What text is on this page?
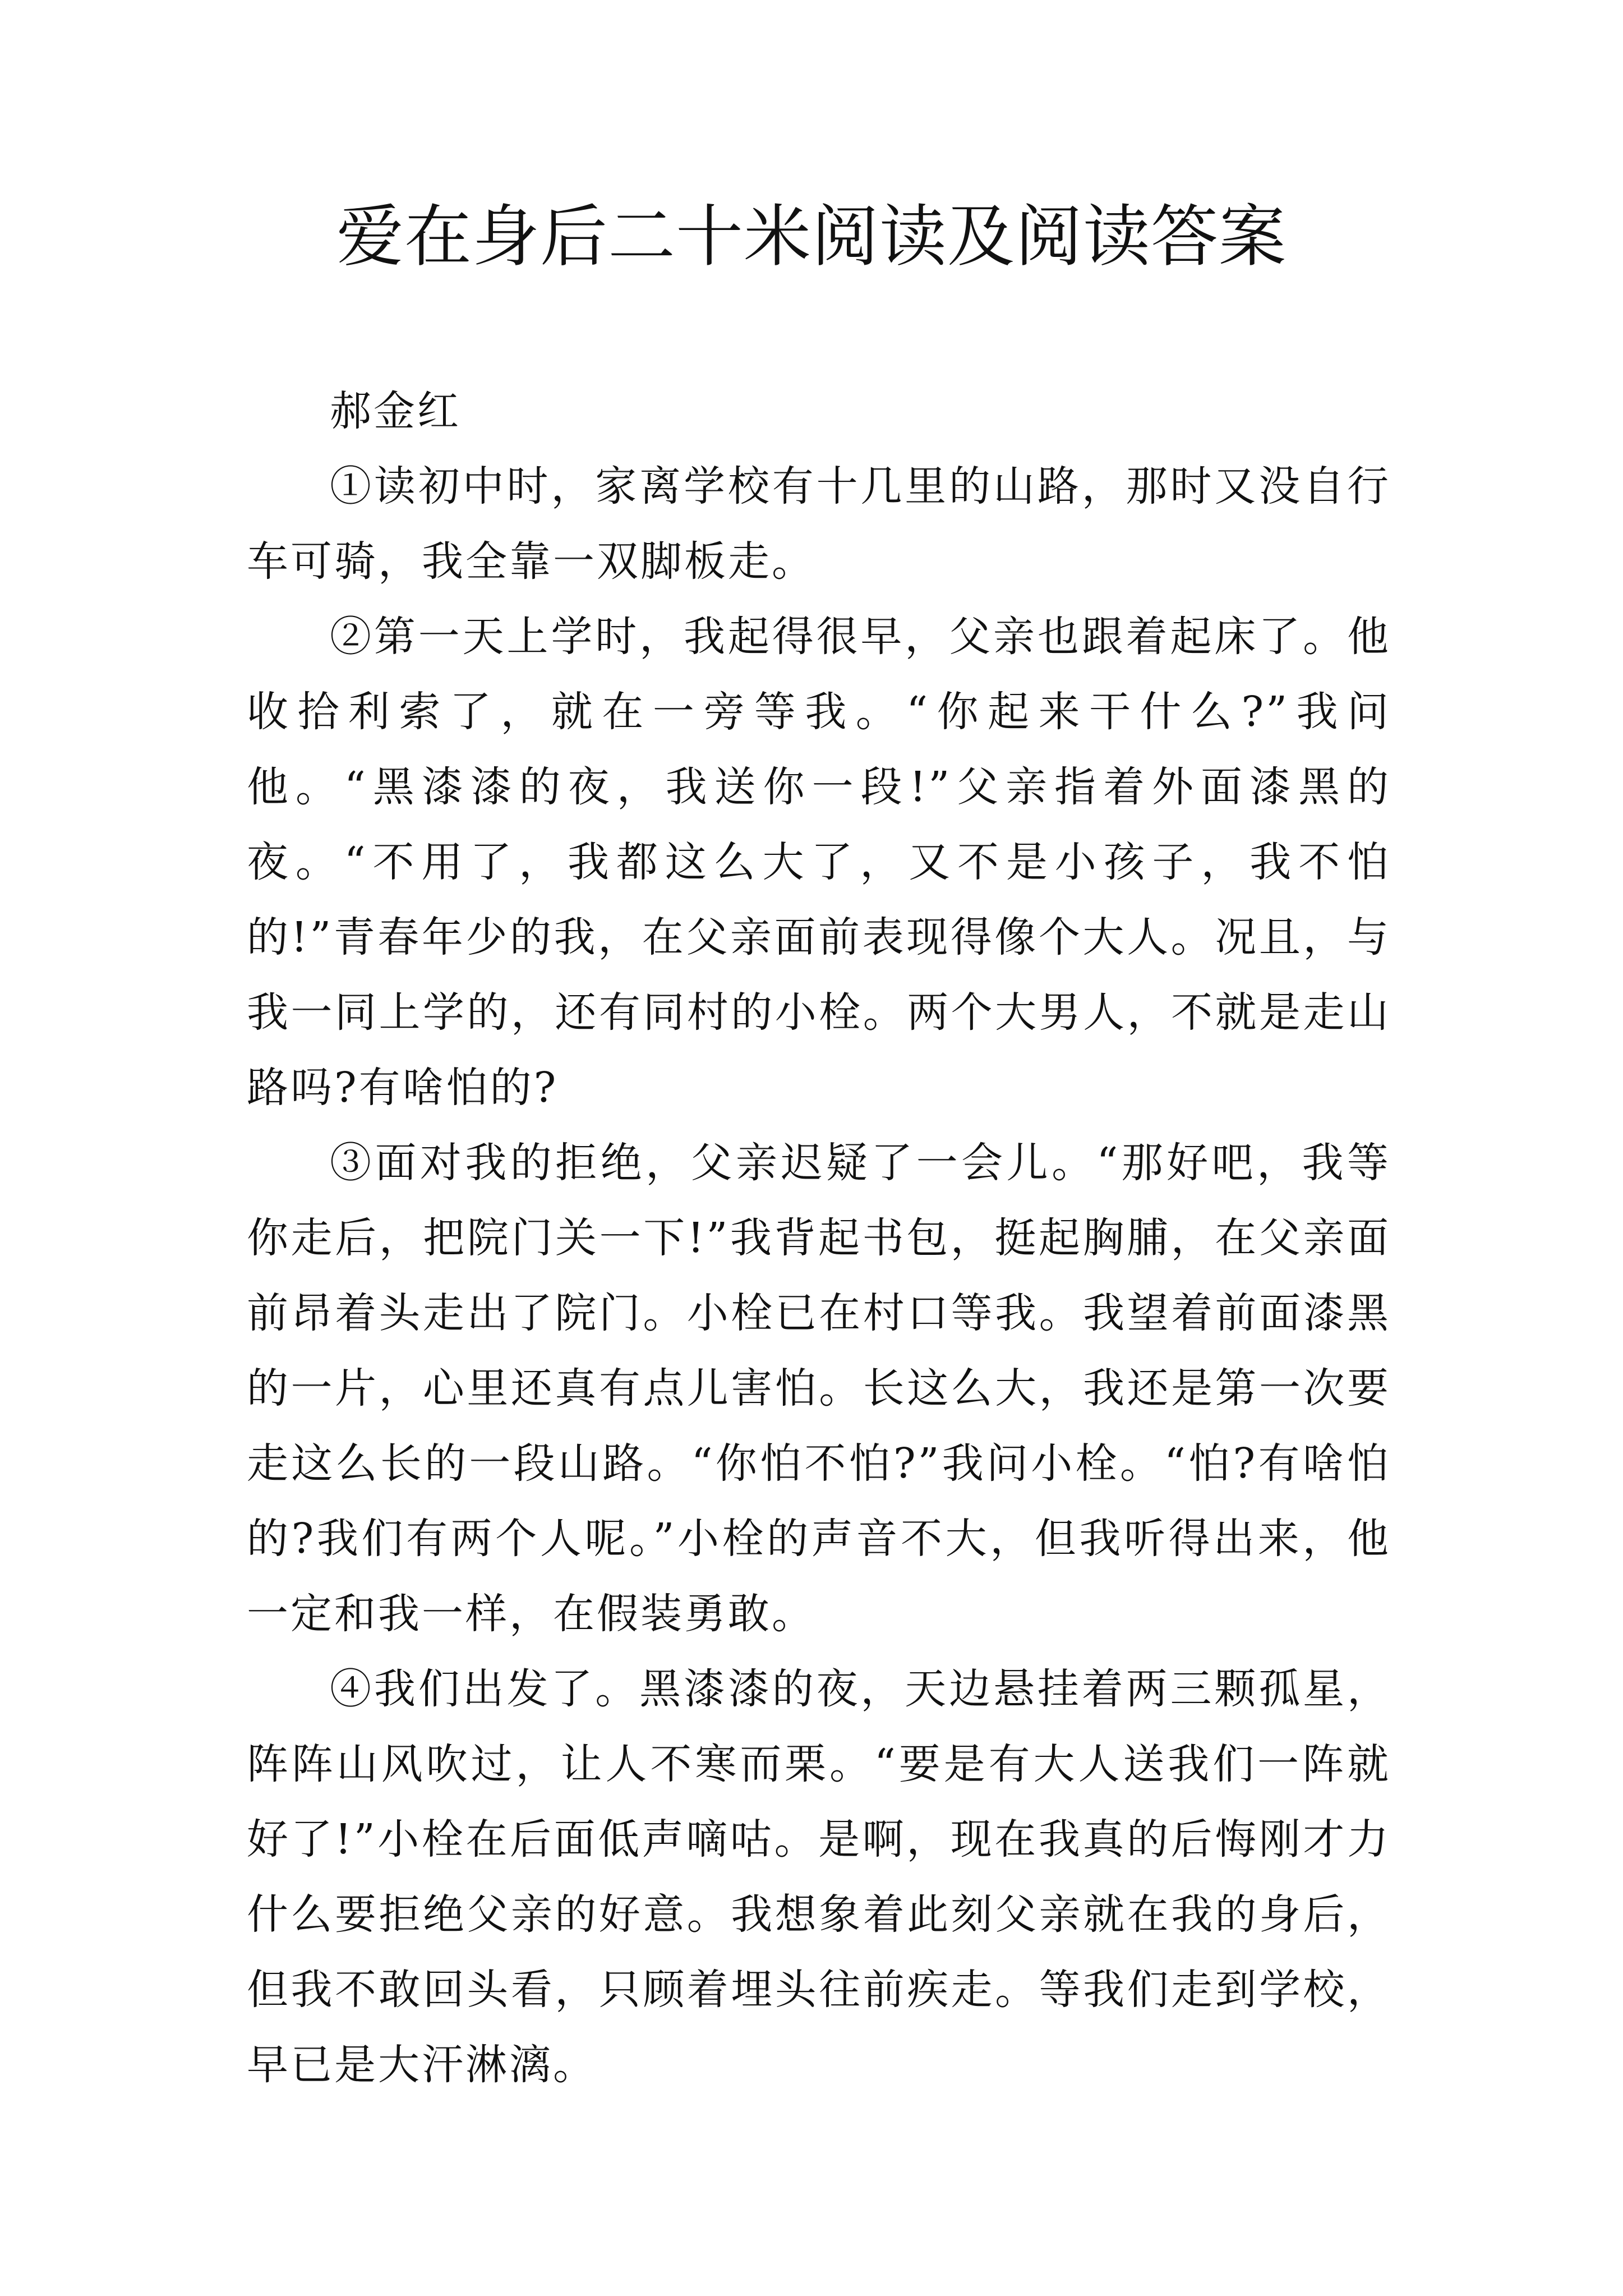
爱在身后二十米阅读及阅读答案
郝金红

①读初中时，家离学校有十几里的山路，那时又没自行车可骑，我全靠一双脚板走。

②第一天上学时，我起得很早，父亲也跟着起床了。他收拾利索了，就在一旁等我。“你起来干什么?”我问他。“黑漆漆的夜，我送你一段!”父亲指着外面漆黑的夜。“不用了，我都这么大了，又不是小孩子，我不怕的!”青春年少的我，在父亲面前表现得像个大人。况且，与我一同上学的，还有同村的小栓。两个大男人，不就是走山路吗?有啥怕的?

③面对我的拒绝，父亲迟疑了一会儿。“那好吧，我等你走后，把院门关一下!”我背起书包，挺起胸脯，在父亲面前昂着头走出了院门。小栓已在村口等我。我望着前面漆黑的一片，心里还真有点儿害怕。长这么大，我还是第一次要走这么长的一段山路。“你怕不怕?”我问小栓。“怕?有啥怕的?我们有两个人呢。”小栓的声音不大，但我听得出来，他一定和我一样，在假装勇敢。

④我们出发了。黑漆漆的夜，天边悬挂着两三颗孤星，阵阵山风吹过，让人不寒而栗。“要是有大人送我们一阵就好了!”小栓在后面低声嘀咕。是啊，现在我真的后悔刚才力什么要拒绝父亲的好意。我想象着此刻父亲就在我的身后，但我不敢回头看，只顾着埋头往前疾走。等我们走到学校，早已是大汗淋漓。
